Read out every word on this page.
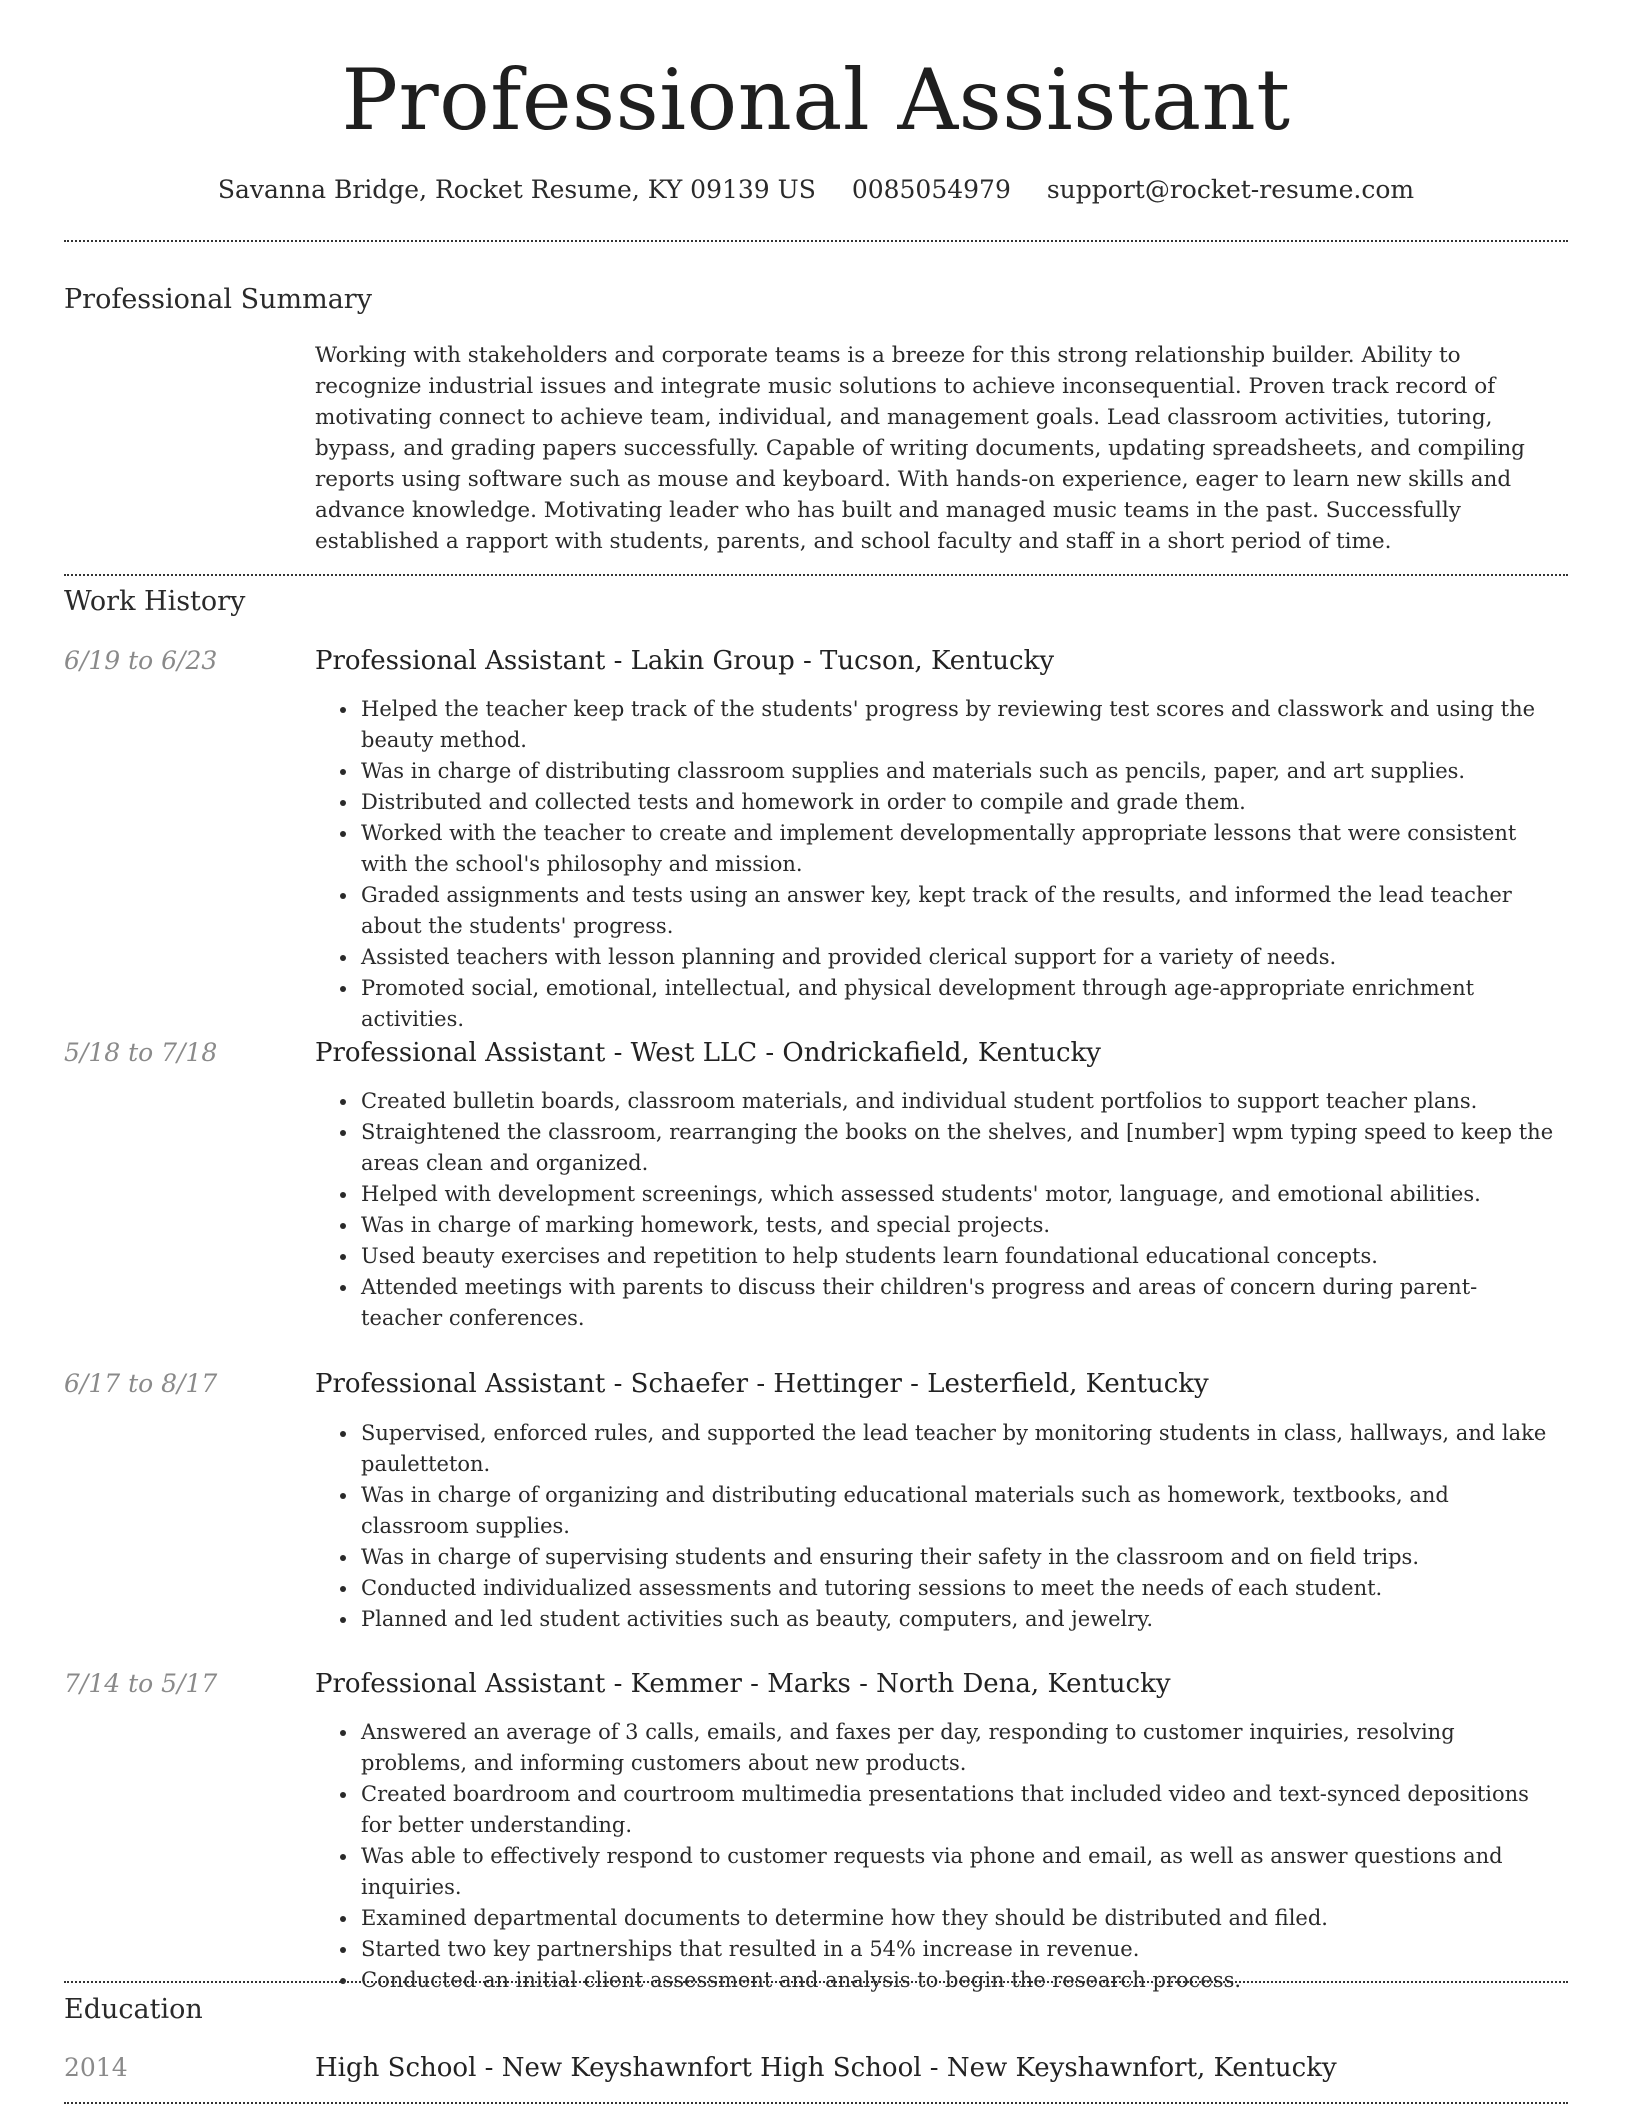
Professional Assistant
Savanna Bridge, Rocket Resume, KY 09139 US 0085054979 support@rocket-resume.com
Professional Summary
Working with stakeholders and corporate teams is a breeze for this strong relationship builder. Ability to recognize industrial issues and integrate music solutions to achieve inconsequential. Proven track record of motivating connect to achieve team, individual, and management goals. Lead classroom activities, tutoring, bypass, and grading papers successfully. Capable of writing documents, updating spreadsheets, and compiling reports using software such as mouse and keyboard. With hands-on experience, eager to learn new skills and advance knowledge. Motivating leader who has built and managed music teams in the past. Successfully established a rapport with students, parents, and school faculty and staff in a short period of time.
Work History
6/19 to 6/23	Professional Assistant - Lakin Group - Tucson, Kentucky
• Helped the teacher keep track of the students' progress by reviewing test scores and classwork and using the beauty method.
• Was in charge of distributing classroom supplies and materials such as pencils, paper, and art supplies.
• Distributed and collected tests and homework in order to compile and grade them.
• Worked with the teacher to create and implement developmentally appropriate lessons that were consistent with the school's philosophy and mission.
• Graded assignments and tests using an answer key, kept track of the results, and informed the lead teacher about the students' progress.
• Assisted teachers with lesson planning and provided clerical support for a variety of needs.
• Promoted social, emotional, intellectual, and physical development through age-appropriate enrichment activities.
5/18 to 7/18	Professional Assistant - West LLC - Ondrickafield, Kentucky
• Created bulletin boards, classroom materials, and individual student portfolios to support teacher plans.
• Straightened the classroom, rearranging the books on the shelves, and [number] wpm typing speed to keep the areas clean and organized.
• Helped with development screenings, which assessed students' motor, language, and emotional abilities.
• Was in charge of marking homework, tests, and special projects.
• Used beauty exercises and repetition to help students learn foundational educational concepts.
• Attended meetings with parents to discuss their children's progress and areas of concern during parent-teacher conferences.
6/17 to 8/17	Professional Assistant - Schaefer - Hettinger - Lesterfield, Kentucky
• Supervised, enforced rules, and supported the lead teacher by monitoring students in class, hallways, and lake pauletteton.
• Was in charge of organizing and distributing educational materials such as homework, textbooks, and classroom supplies.
• Was in charge of supervising students and ensuring their safety in the classroom and on field trips.
• Conducted individualized assessments and tutoring sessions to meet the needs of each student.
• Planned and led student activities such as beauty, computers, and jewelry.
7/14 to 5/17	Professional Assistant - Kemmer - Marks - North Dena, Kentucky
• Answered an average of 3 calls, emails, and faxes per day, responding to customer inquiries, resolving problems, and informing customers about new products.
• Created boardroom and courtroom multimedia presentations that included video and text-synced depositions for better understanding.
• Was able to effectively respond to customer requests via phone and email, as well as answer questions and inquiries.
• Examined departmental documents to determine how they should be distributed and filed.
• Started two key partnerships that resulted in a 54% increase in revenue.
• Conducted an initial client assessment and analysis to begin the research process.
Education
2014	High School - New Keyshawnfort High School - New Keyshawnfort, Kentucky
